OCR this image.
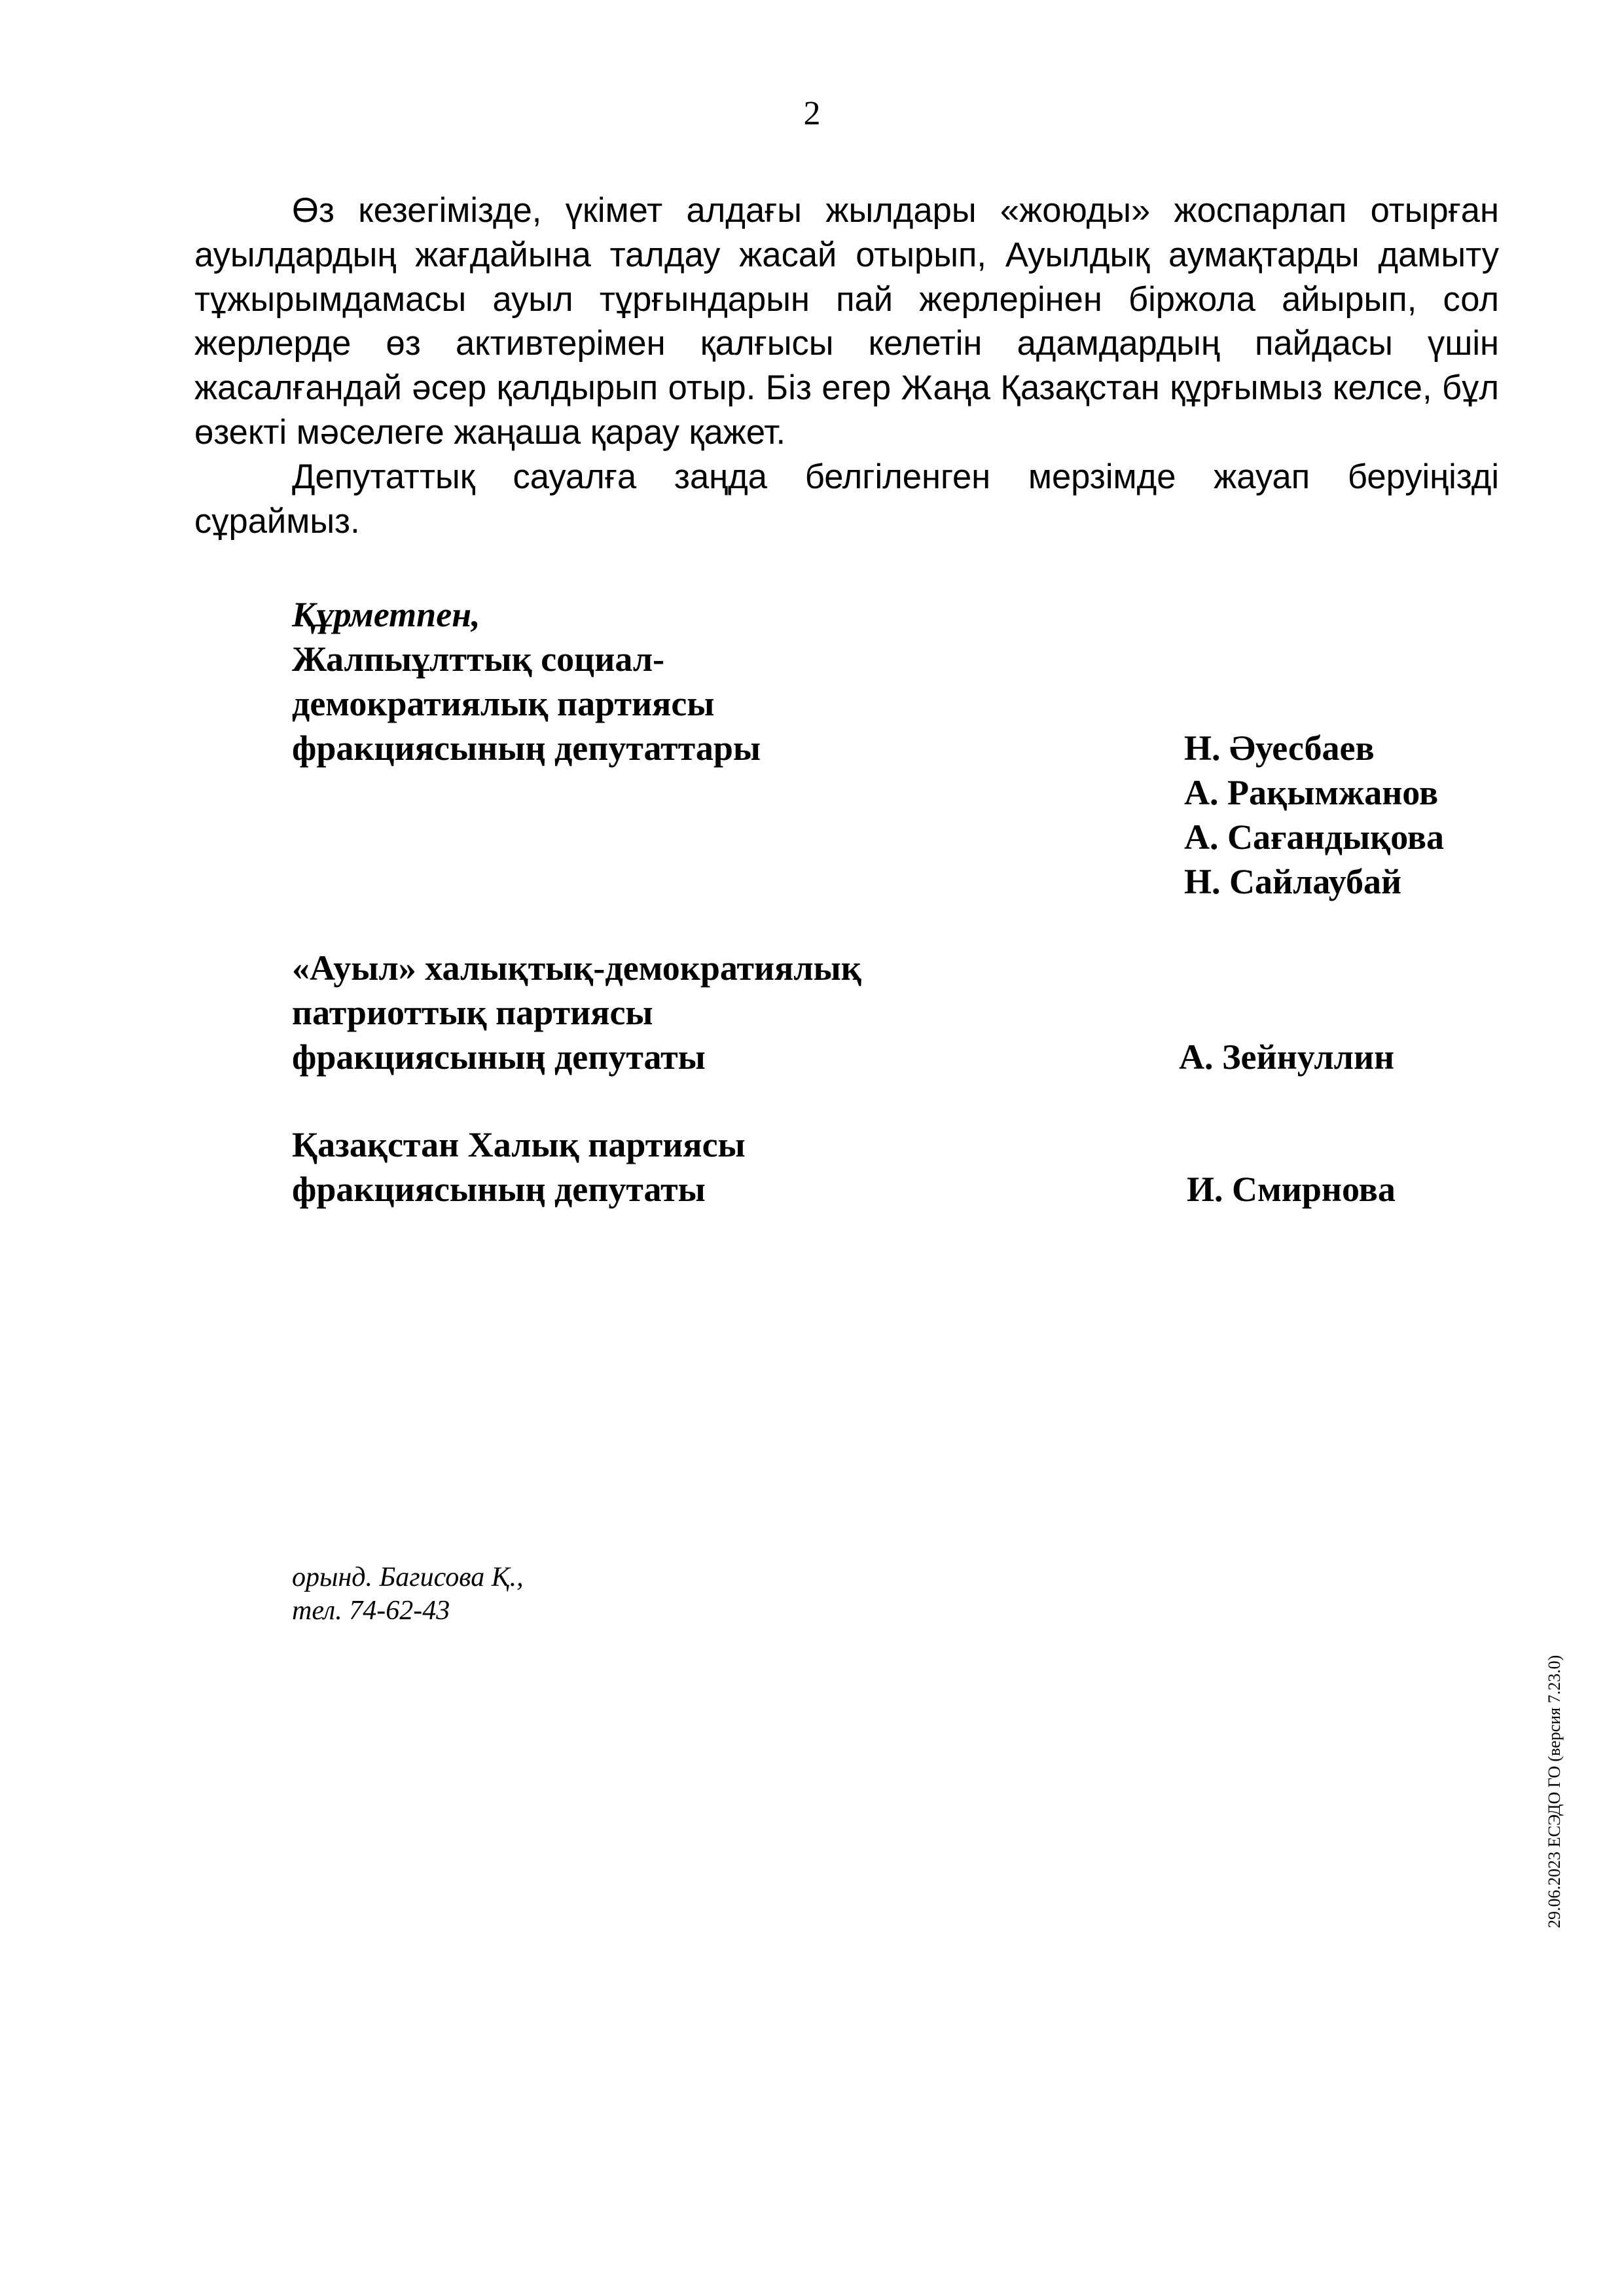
2

Өз кезегімізде, үкімет алдағы жылдары «жоюды» жоспарлап отырған ауылдардың жағдайына талдау жасай отырып, Ауылдық аумақтарды дамыту тұжырымдамасы ауыл тұрғындарын пай жерлерінен біржола айырып, сол жерлерде өз активтерімен қалғысы келетін адамдардың пайдасы үшін жасалғандай әсер қалдырып отыр. Біз егер Жаңа Қазақстан құрғымыз келсе, бұл өзекті мәселеге жаңаша қарау қажет.

Депутаттық сауалға заңда белгіленген мерзімде жауап беруіңізді сұраймыз.

Құрметпен,
Жалпыұлттық социал-
демократиялық партиясы
фракциясының депутаттары	Н. Әуесбаев
А. Рақымжанов
А. Сағандықова
Н. Сайлаубай
«Ауыл» халықтық-демократиялық
патриоттық партиясы
фракциясының депутаты	А. Зейнуллин
Қазақстан Халық партиясы
фракциясының депутаты	И. Смирнова
орынд. Багисова Қ.,
тел. 74-62-43
29.06.2023 ЕСЭДО ГО (версия 7.23.0)
